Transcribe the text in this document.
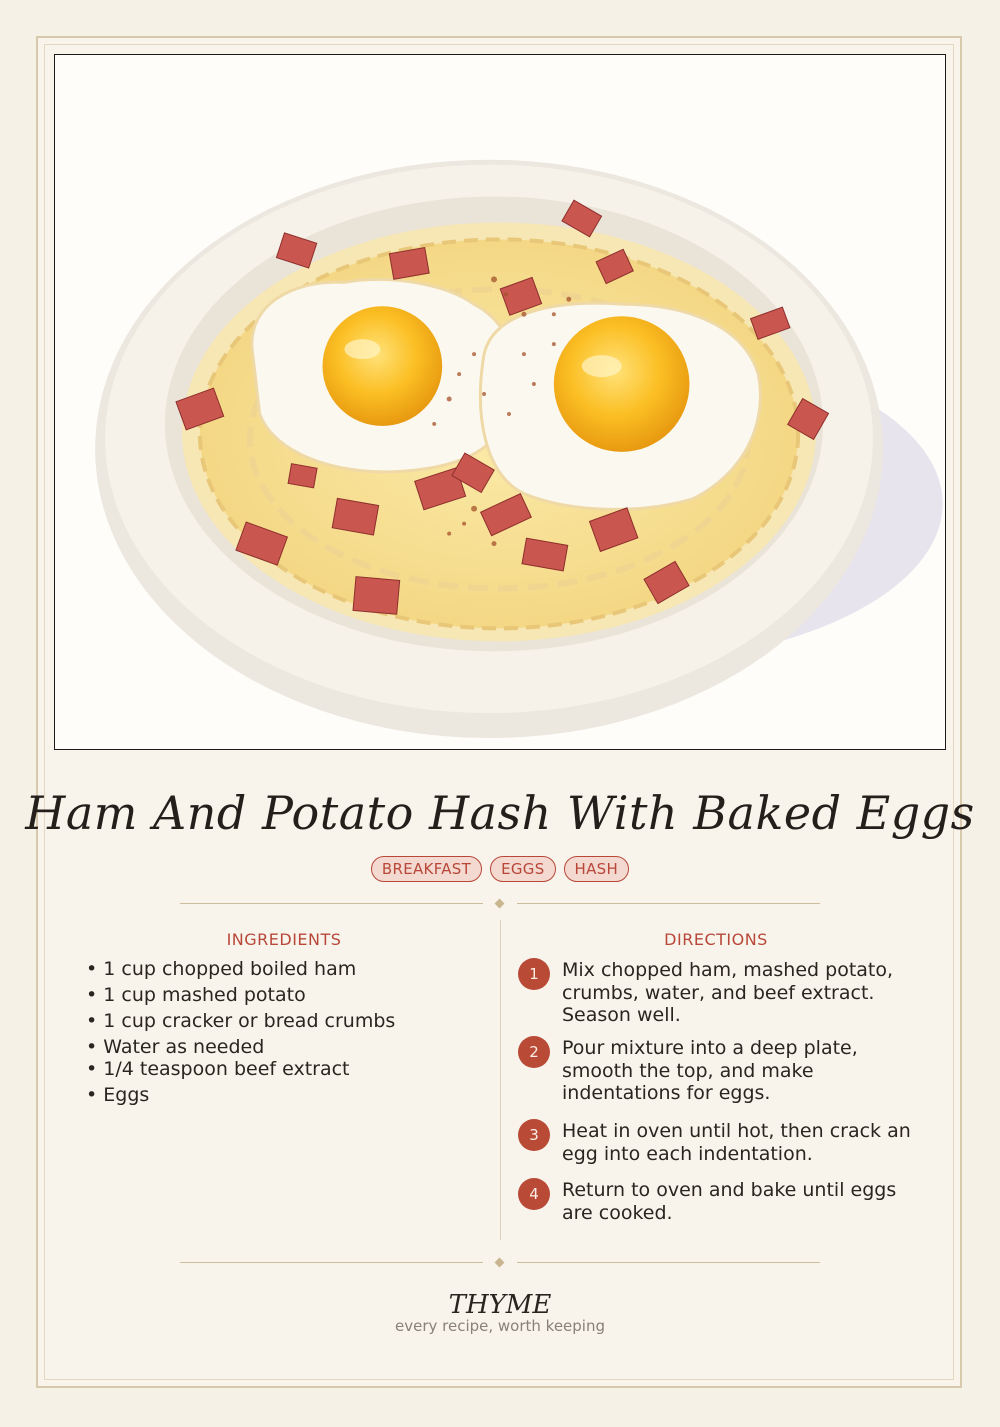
Ham And Potato Hash With Baked Eggs
BREAKFAST	EGGS	HASH
INGREDIENTS
• 1 cup chopped boiled ham
• 1 cup mashed potato
• 1 cup cracker or bread crumbs
• Water as needed
• 1/4 teaspoon beef extract
• Eggs
DIRECTIONS
1	Mix chopped ham, mashed potato, crumbs, water, and beef extract. Season well.
2	Pour mixture into a deep plate, smooth the top, and make indentations for eggs.
3	Heat in oven until hot, then crack an egg into each indentation.
4	Return to oven and bake until eggs are cooked.
THYME
every recipe, worth keeping
